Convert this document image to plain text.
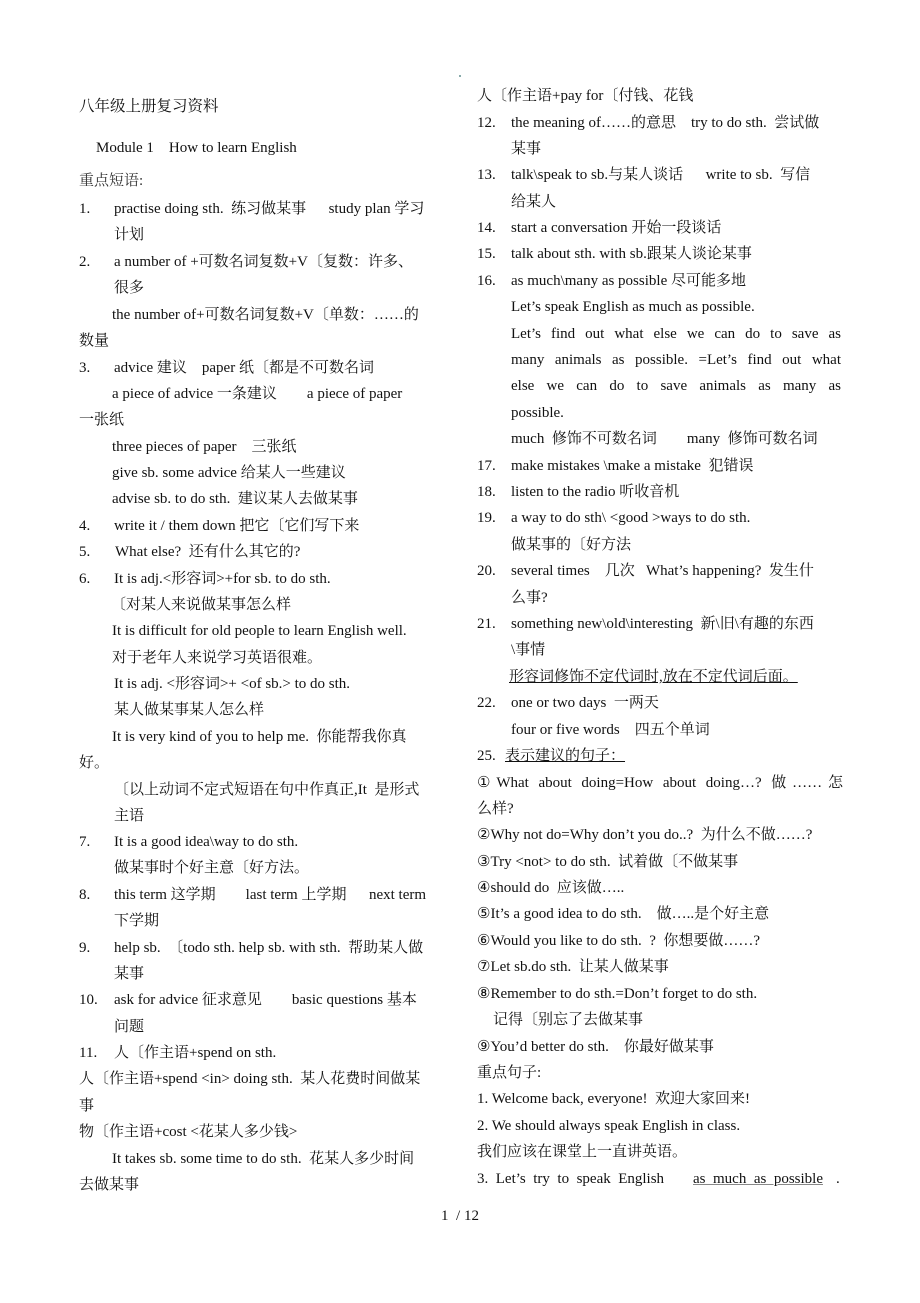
八年级上册复习资料
Module 1    How to learn English
重点短语:
1. practise doing sth.  练习做某事      study plan 学习
计划
2. a number of +可数名词复数+V〔复数：许多、
很多
the number of+可数名词复数+V〔单数：……的
数量
3. advice 建议    paper 纸〔都是不可数名词
a piece of advice 一条建议        a piece of paper
一张纸
three pieces of paper    三张纸
give sb. some advice 给某人一些建议
advise sb. to do sth.  建议某人去做某事
4. write it / them down 把它〔它们写下来
5. What else?  还有什么其它的?
6. It is adj.<形容词>+for sb. to do sth.
〔对某人来说做某事怎么样
It is difficult for old people to learn English well.
对于老年人来说学习英语很难。
It is adj. <形容词>+ <of sb.> to do sth.
某人做某事某人怎么样
It is very kind of you to help me.  你能帮我你真
好。
〔以上动词不定式短语在句中作真正,It  是形式
主语
7. It is a good idea\way to do sth.
做某事时个好主意〔好方法。
8. this term 这学期        last term 上学期      next term
下学期
9. help sb.  〔todo sth. help sb. with sth.  帮助某人做
某事
10. ask for advice 征求意见        basic questions 基本
问题
11. 人〔作主语+spend on sth.
人〔作主语+spend <in> doing sth.  某人花费时间做某
事
物〔作主语+cost <花某人多少钱>
It takes sb. some time to do sth.  花某人多少时间
去做某事
人〔作主语+pay for〔付钱、花钱
12. the meaning of……的意思    try to do sth.  尝试做
某事
13. talk\speak to sb.与某人谈话      write to sb.  写信
给某人
14. start a conversation 开始一段谈话
15. talk about sth. with sb.跟某人谈论某事
16. as much\many as possible 尽可能多地
Let’s speak English as much as possible.
Let’s find out what else we can do to save as
many animals as possible. =Let’s find out what
else we can do to save animals as many as
possible.
much  修饰不可数名词        many  修饰可数名词
17. make mistakes \make a mistake  犯错误
18. listen to the radio 听收音机
19. a way to do sth\ <good >ways to do sth.
做某事的〔好方法
20. several times    几次   What’s happening?  发生什
么事?
21. something new\old\interesting  新\旧\有趣的东西
\事情
形容词修饰不定代词时,放在不定代词后面。
22. one or two days  一两天
four or five words    四五个单词
25. 表示建议的句子：
①What about doing=How about doing…? 做……怎
么样?
②Why not do=Why don’t you do..?  为什么不做……?
③Try <not> to do sth.  试着做〔不做某事
④should do  应该做…..
⑤It’s a good idea to do sth.    做…..是个好主意
⑥Would you like to do sth.  ?  你想要做……?
⑦Let sb.do sth.  让某人做某事
⑧Remember to do sth.=Don’t forget to do sth.
记得〔别忘了去做某事
⑨You’d better do sth.    你最好做某事
重点句子:
1. Welcome back, everyone!  欢迎大家回来!
2. We should always speak English in class.
我们应该在课堂上一直讲英语。
3.  Let’s  try  to  speak  English as  much  as  possible .
1  / 12
